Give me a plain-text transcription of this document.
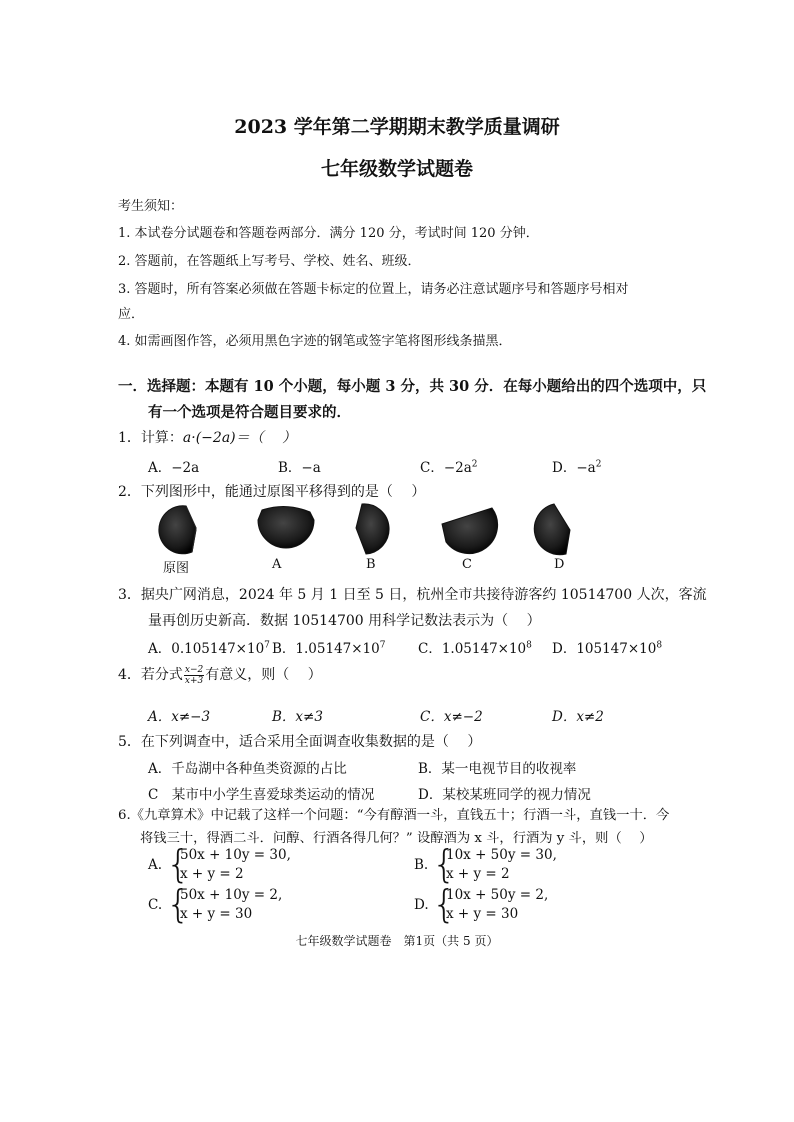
2023 学年第二学期期末教学质量调研
七年级数学试题卷
考生须知：
1. 本试卷分试题卷和答题卷两部分．满分 120 分，考试时间 120 分钟．
2. 答题前，在答题纸上写考号、学校、姓名、班级．
3. 答题时，所有答案必须做在答题卡标定的位置上，请务必注意试题序号和答题序号相对
应．
4. 如需画图作答，必须用黑色字迹的钢笔或签字笔将图形线条描黑．
一．选择题：本题有 10 个小题，每小题 3 分，共 30 分．在每小题给出的四个选项中，只
有一个选项是符合题目要求的．
1．计算：a·(−2a)＝（　 ）
A．−2a	B．−a	C．$-2a^2$	D．$-a^2$
2．下列图形中，能通过原图平移得到的是（　 ）
原图	A	B	C	D
3．据央广网消息，2024 年 5 月 1 日至 5 日，杭州全市共接待游客约 10514700 人次，客流
量再创历史新高．数据 10514700 用科学记数法表示为（　 ）
A．$0.105147\times 10^7$ B．$1.05147\times 10^7$ C．$1.05147\times 10^8$ D．$105147\times 10^8$
4．若分式 $\frac{x-2}{x+3}$ 有意义，则（　 ）
A．x≠−3	B．x≠3	C．x≠−2	D．x≠2
5．在下列调查中，适合采用全面调查收集数据的是（　 ）
A．千岛湖中各种鱼类资源的占比	B．某一电视节目的收视率
C　某市中小学生喜爱球类运动的情况	D．某校某班同学的视力情况
6.《九章算术》中记载了这样一个问题：“今有醇酒一斗，直钱五十；行酒一斗，直钱一十．今
将钱三十，得酒二斗．问醇、行酒各得几何？” 设醇酒为 x 斗，行酒为 y 斗，则（　 ）
A. {
50x + 10y = 30,
x + y = 2
B. {
10x + 50y = 30,
x + y = 2
C. {
50x + 10y = 2,
x + y = 30
D. {
10x + 50y = 2,
x + y = 30
七年级数学试题卷　第1页（共 5 页）
